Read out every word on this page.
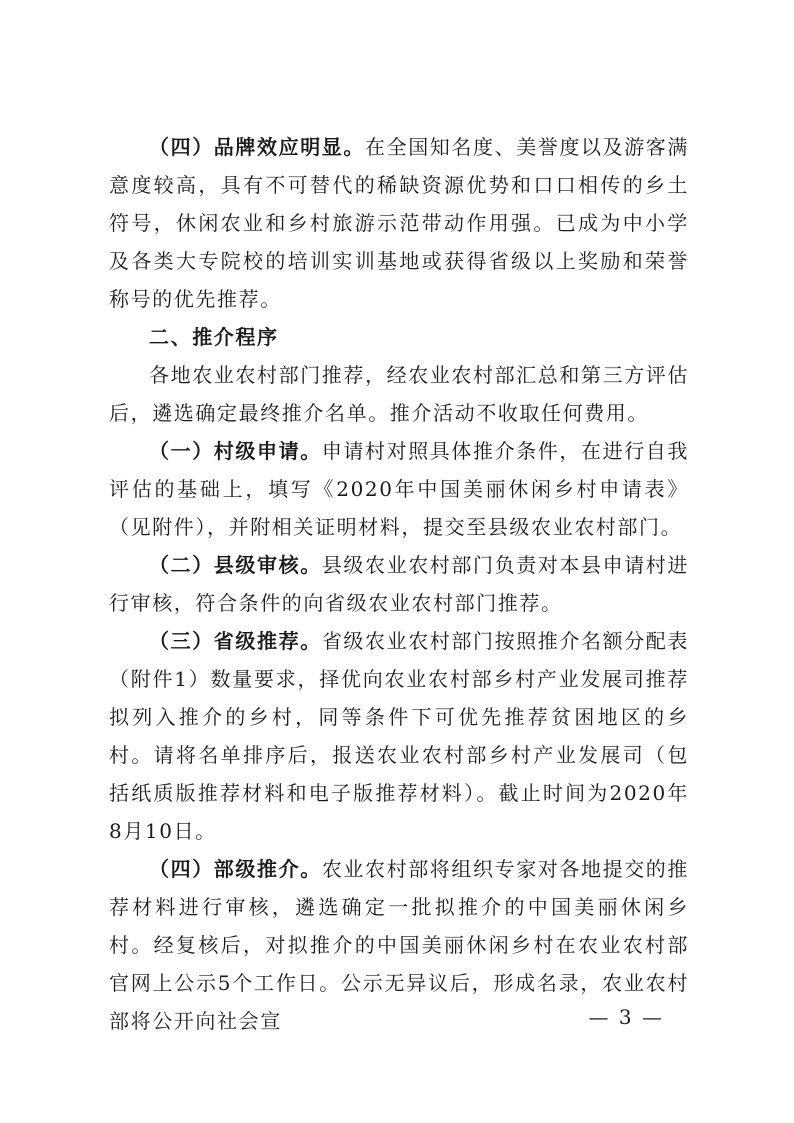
（四）品牌效应明显。在全国知名度、美誉度以及游客满意度较高，具有不可替代的稀缺资源优势和口口相传的乡土符号，休闲农业和乡村旅游示范带动作用强。已成为中小学及各类大专院校的培训实训基地或获得省级以上奖励和荣誉称号的优先推荐。

二、推介程序

各地农业农村部门推荐，经农业农村部汇总和第三方评估后，遴选确定最终推介名单。推介活动不收取任何费用。

（一）村级申请。申请村对照具体推介条件，在进行自我评估的基础上，填写《2020年中国美丽休闲乡村申请表》（见附件），并附相关证明材料，提交至县级农业农村部门。

（二）县级审核。县级农业农村部门负责对本县申请村进行审核，符合条件的向省级农业农村部门推荐。

（三）省级推荐。省级农业农村部门按照推介名额分配表（附件1）数量要求，择优向农业农村部乡村产业发展司推荐拟列入推介的乡村，同等条件下可优先推荐贫困地区的乡村。请将名单排序后，报送农业农村部乡村产业发展司（包括纸质版推荐材料和电子版推荐材料）。截止时间为2020年8月10日。

（四）部级推介。农业农村部将组织专家对各地提交的推荐材料进行审核，遴选确定一批拟推介的中国美丽休闲乡村。经复核后，对拟推介的中国美丽休闲乡村在农业农村部官网上公示5个工作日。公示无异议后，形成名录，农业农村部将公开向社会宣	— 3 —
